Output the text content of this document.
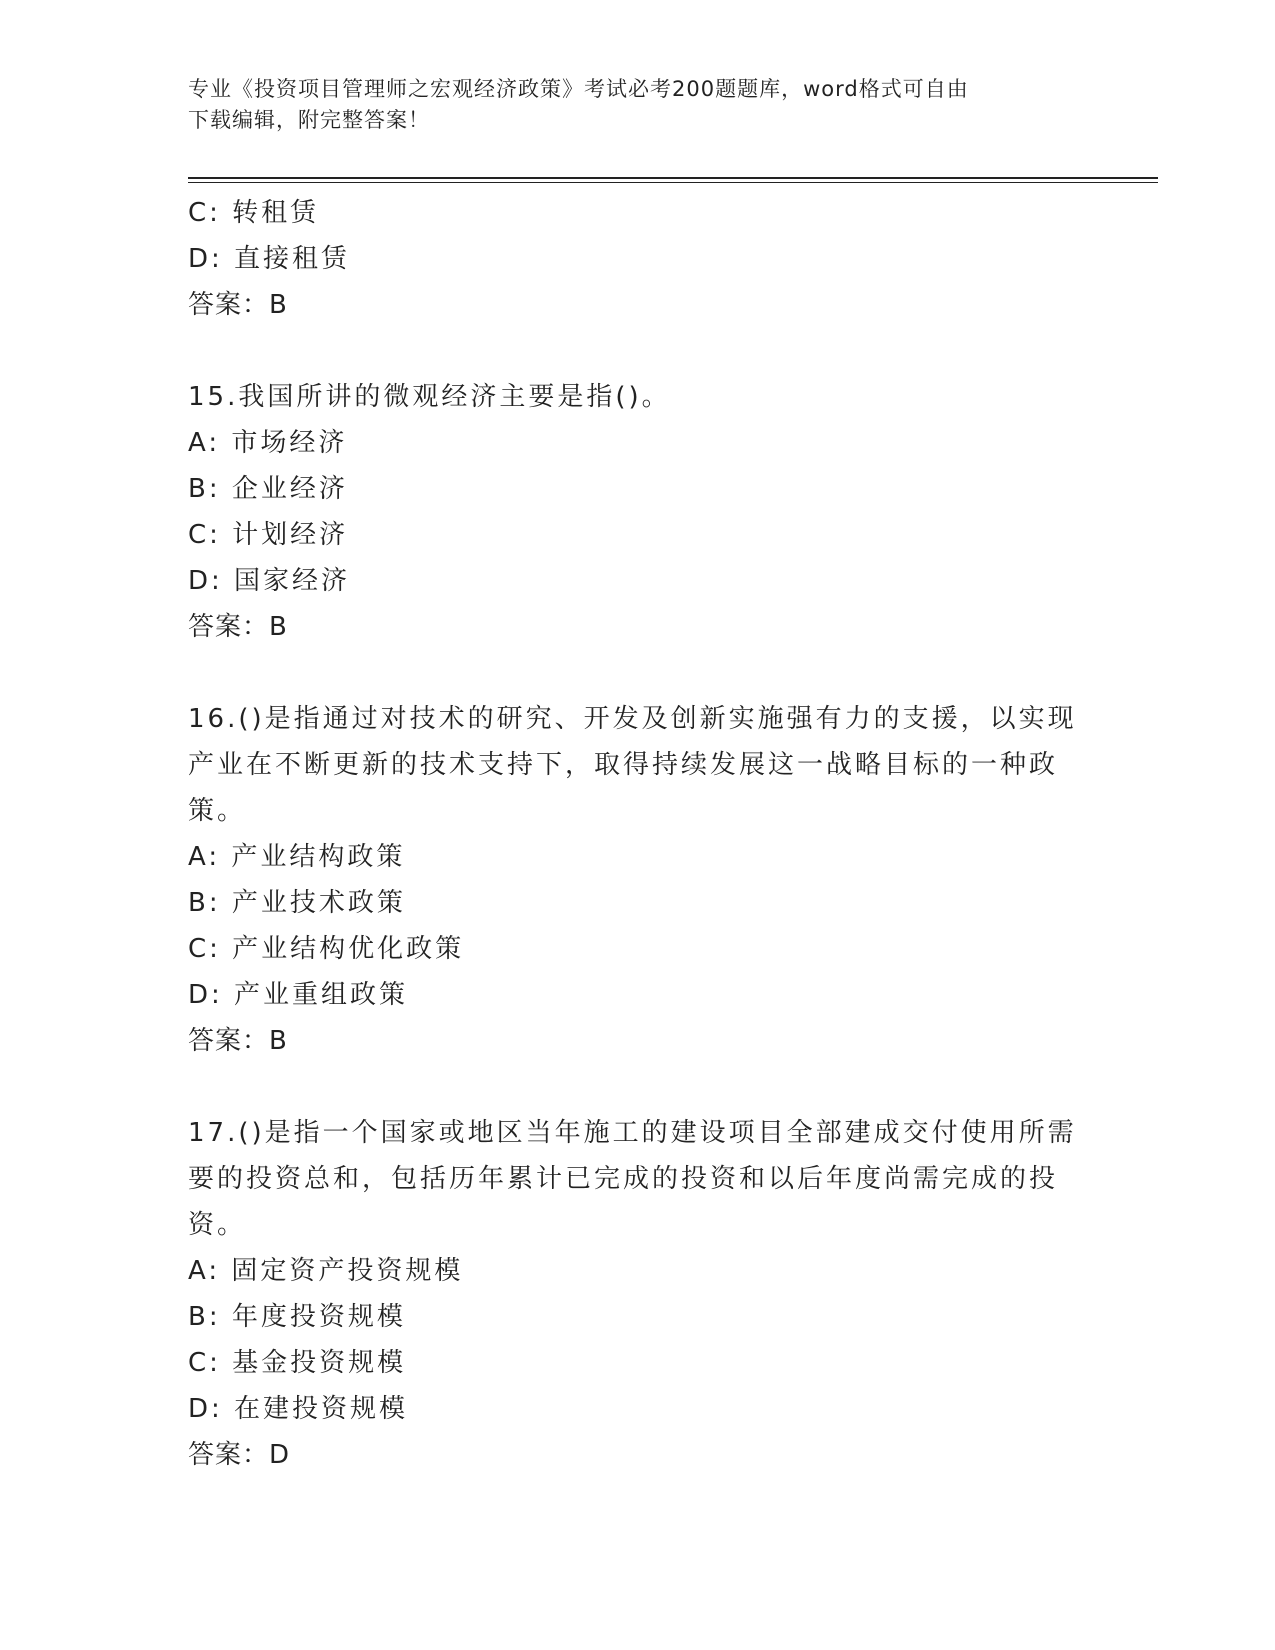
专业《投资项目管理师之宏观经济政策》考试必考200题题库，word格式可自由
下载编辑，附完整答案！
C: 转租赁
D: 直接租赁
答案：B
15.我国所讲的微观经济主要是指()。
A: 市场经济
B: 企业经济
C: 计划经济
D: 国家经济
答案：B
16.()是指通过对技术的研究、开发及创新实施强有力的支援，以实现
产业在不断更新的技术支持下，取得持续发展这一战略目标的一种政
策。
A: 产业结构政策
B: 产业技术政策
C: 产业结构优化政策
D: 产业重组政策
答案：B
17.()是指一个国家或地区当年施工的建设项目全部建成交付使用所需
要的投资总和，包括历年累计已完成的投资和以后年度尚需完成的投
资。
A: 固定资产投资规模
B: 年度投资规模
C: 基金投资规模
D: 在建投资规模
答案：D
